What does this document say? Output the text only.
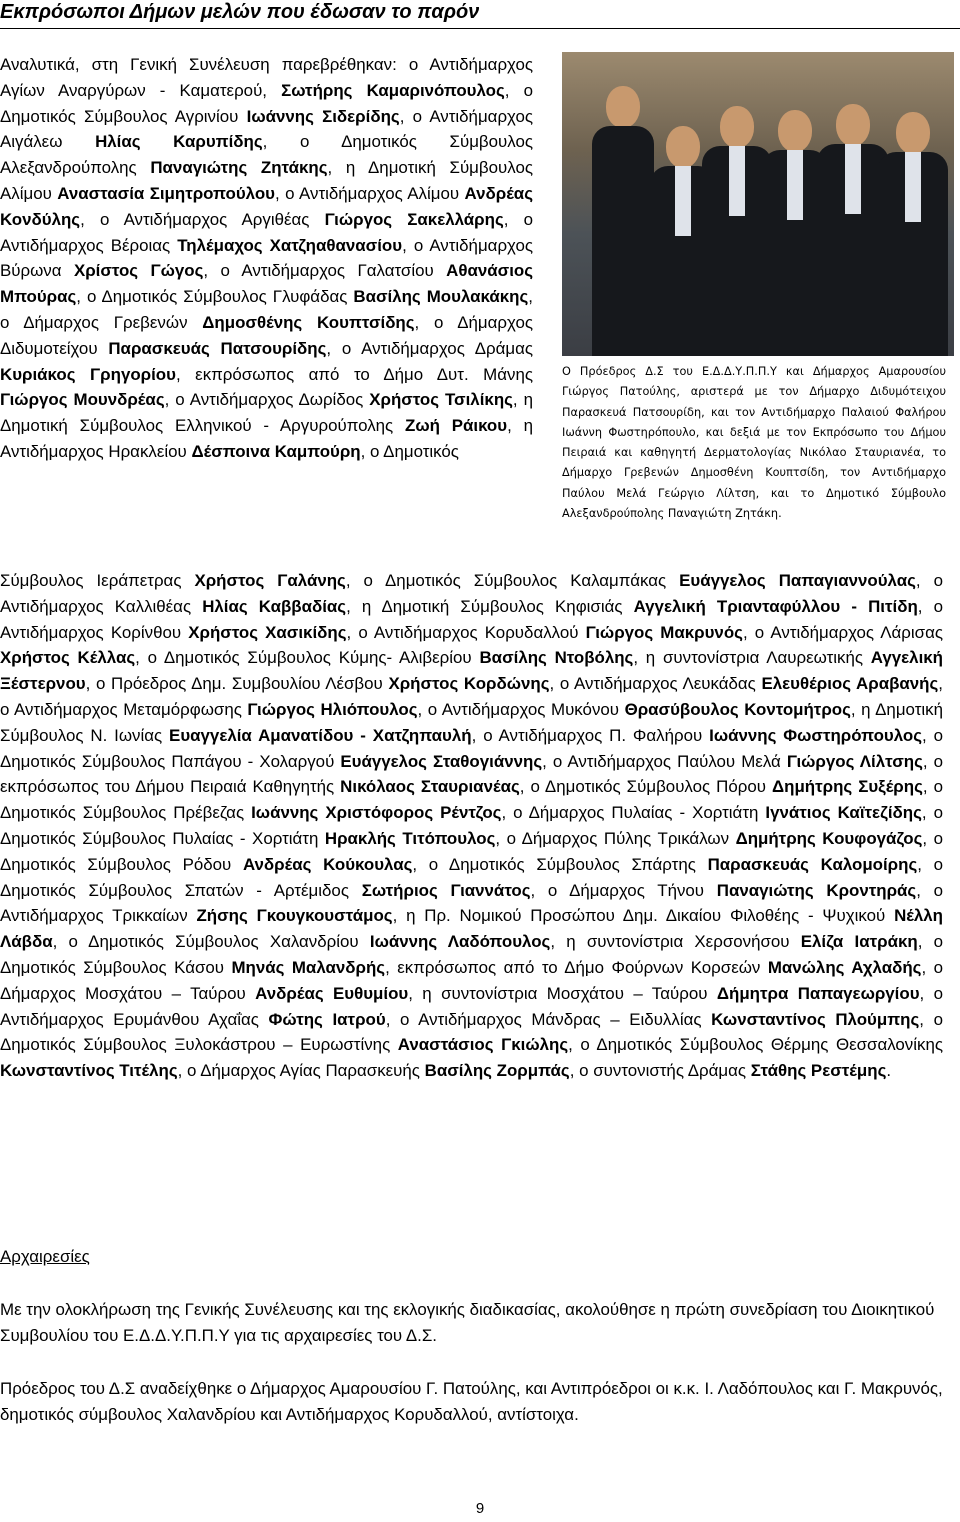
Εκπρόσωποι Δήμων μελών που έδωσαν το παρόν

Αναλυτικά, στη Γενική Συνέλευση παρεβρέθηκαν: ο Αντιδήμαρχος Αγίων Αναργύρων - Καματερού, Σωτήρης Καμαρινόπουλος, ο Δημοτικός Σύμβουλος Αγρινίου Ιωάννης Σιδερίδης, ο Αντιδήμαρχος Αιγάλεω Ηλίας Καρυπίδης, ο Δημοτικός Σύμβουλος Αλεξανδρούπολης Παναγιώτης Ζητάκης, η Δημοτική Σύμβουλος Αλίμου Αναστασία Σιμητροπούλου, ο Αντιδήμαρχος Αλίμου Ανδρέας Κονδύλης, ο Αντιδήμαρχος Αργιθέας Γιώργος Σακελλάρης, ο Αντιδήμαρχος Βέροιας Τηλέμαχος Χατζηαθανασίου, ο Αντιδήμαρχος Βύρωνα Χρίστος Γώγος, ο Αντιδήμαρχος Γαλατσίου Αθανάσιος Μπούρας, ο Δημοτικός Σύμβουλος Γλυφάδας Βασίλης Μουλακάκης, ο Δήμαρχος Γρεβενών Δημοσθένης Κουπτσίδης, ο Δήμαρχος Διδυμοτείχου Παρασκευάς Πατσουρίδης, ο Αντιδήμαρχος Δράμας Κυριάκος Γρηγορίου, εκπρόσωπος από το Δήμο Δυτ. Μάνης Γιώργος Μουνδρέας, ο Αντιδήμαρχος Δωρίδος Χρήστος Τσιλίκης, η Δημοτική Σύμβουλος Ελληνικού - Αργυρούπολης Ζωή Ράικου, η Αντιδήμαρχος Ηρακλείου Δέσποινα Καμπούρη, ο Δημοτικός

Ο Πρόεδρος Δ.Σ του Ε.Δ.Δ.Υ.Π.Π.Υ και Δήμαρχος Αμαρουσίου Γιώργος Πατούλης, αριστερά με τον Δήμαρχο Διδυμότειχου Παρασκευά Πατσουρίδη, και τον Αντιδήμαρχο Παλαιού Φαλήρου Ιωάννη Φωστηρόπουλο, και δεξιά με τον Εκπρόσωπο του Δήμου Πειραιά και καθηγητή Δερματολογίας Νικόλαο Σταυριανέα, το Δήμαρχο Γρεβενών Δημοσθένη Κουπτσίδη, τον Αντιδήμαρχο Παύλου Μελά Γεώργιο Λίλτση, και το Δημοτικό Σύμβουλο Αλεξανδρούπολης Παναγιώτη Ζητάκη.

Σύμβουλος Ιεράπετρας Χρήστος Γαλάνης, ο Δημοτικός Σύμβουλος Καλαμπάκας Ευάγγελος Παπαγιαννούλας, ο Αντιδήμαρχος Καλλιθέας Ηλίας Καββαδίας, η Δημοτική Σύμβουλος Κηφισιάς Αγγελική Τριανταφύλλου - Πιτίδη, ο Αντιδήμαρχος Κορίνθου Χρήστος Χασικίδης, ο Αντιδήμαρχος Κορυδαλλού Γιώργος Μακρυνός, ο Αντιδήμαρχος Λάρισας Χρήστος Κέλλας, ο Δημοτικός Σύμβουλος Κύμης- Αλιβερίου Βασίλης Ντοβόλης, η συντονίστρια Λαυρεωτικής Αγγελική Ξέστερνου, ο Πρόεδρος Δημ. Συμβουλίου Λέσβου Χρήστος Κορδώνης, ο Αντιδήμαρχος Λευκάδας Ελευθέριος Αραβανής, ο Αντιδήμαρχος Μεταμόρφωσης Γιώργος Ηλιόπουλος, ο Αντιδήμαρχος Μυκόνου Θρασύβουλος Κοντομήτρος, η Δημοτική Σύμβουλος Ν. Ιωνίας Ευαγγελία Αμανατίδου - Χατζηπαυλή, ο Αντιδήμαρχος Π. Φαλήρου Ιωάννης Φωστηρόπουλος, ο Δημοτικός Σύμβουλος Παπάγου - Χολαργού Ευάγγελος Σταθογιάννης, ο Αντιδήμαρχος Παύλου Μελά Γιώργος Λίλτσης, ο εκπρόσωπος του Δήμου Πειραιά Καθηγητής Νικόλαος Σταυριανέας, ο Δημοτικός Σύμβουλος Πόρου Δημήτρης Συξέρης, ο Δημοτικός Σύμβουλος Πρέβεζας Ιωάννης Χριστόφορος Ρέντζος, ο Δήμαρχος Πυλαίας - Χορτιάτη Ιγνάτιος Καϊτεζίδης, ο Δημοτικός Σύμβουλος Πυλαίας - Χορτιάτη Ηρακλής Τιτόπουλος, ο Δήμαρχος Πύλης Τρικάλων Δημήτρης Κουφογάζος, ο Δημοτικός Σύμβουλος Ρόδου Ανδρέας Κούκουλας, ο Δημοτικός Σύμβουλος Σπάρτης Παρασκευάς Καλομοίρης, ο Δημοτικός Σύμβουλος Σπατών - Αρτέμιδος Σωτήριος Γιαννάτος, ο Δήμαρχος Τήνου Παναγιώτης Κροντηράς, ο Αντιδήμαρχος Τρικκαίων Ζήσης Γκουγκουστάμος, η Πρ. Νομικού Προσώπου Δημ. Δικαίου Φιλοθέης - Ψυχικού Νέλλη Λάβδα, ο Δημοτικός Σύμβουλος Χαλανδρίου Ιωάννης Λαδόπουλος, η συντονίστρια Χερσονήσου Ελίζα Ιατράκη, ο Δημοτικός Σύμβουλος Κάσου Μηνάς Μαλανδρής, εκπρόσωπος από το Δήμο Φούρνων Κορσεών Μανώλης Αχλαδής, ο Δήμαρχος Μοσχάτου – Ταύρου Ανδρέας Ευθυμίου, η συντονίστρια Μοσχάτου – Ταύρου Δήμητρα Παπαγεωργίου, ο Αντιδήμαρχος Ερυμάνθου Αχαΐας Φώτης Ιατρού, ο Αντιδήμαρχος Μάνδρας – Ειδυλλίας Κωνσταντίνος Πλούμπης, ο Δημοτικός Σύμβουλος Ξυλοκάστρου – Ευρωστίνης Αναστάσιος Γκιώλης, ο Δημοτικός Σύμβουλος Θέρμης Θεσσαλονίκης Κωνσταντίνος Τιτέλης, ο Δήμαρχος Αγίας Παρασκευής Βασίλης Ζορμπάς, ο συντονιστής Δράμας Στάθης Ρεστέμης.

Αρχαιρεσίες

Με την ολοκλήρωση της Γενικής Συνέλευσης και της εκλογικής διαδικασίας, ακολούθησε η πρώτη συνεδρίαση του Διοικητικού Συμβουλίου του Ε.Δ.Δ.Υ.Π.Π.Υ για τις αρχαιρεσίες του Δ.Σ.

Πρόεδρος του Δ.Σ αναδείχθηκε ο Δήμαρχος Αμαρουσίου Γ. Πατούλης, και Αντιπρόεδροι οι κ.κ. Ι. Λαδόπουλος και Γ. Μακρυνός, δημοτικός σύμβουλος Χαλανδρίου και Αντιδήμαρχος Κορυδαλλού, αντίστοιχα.

9
